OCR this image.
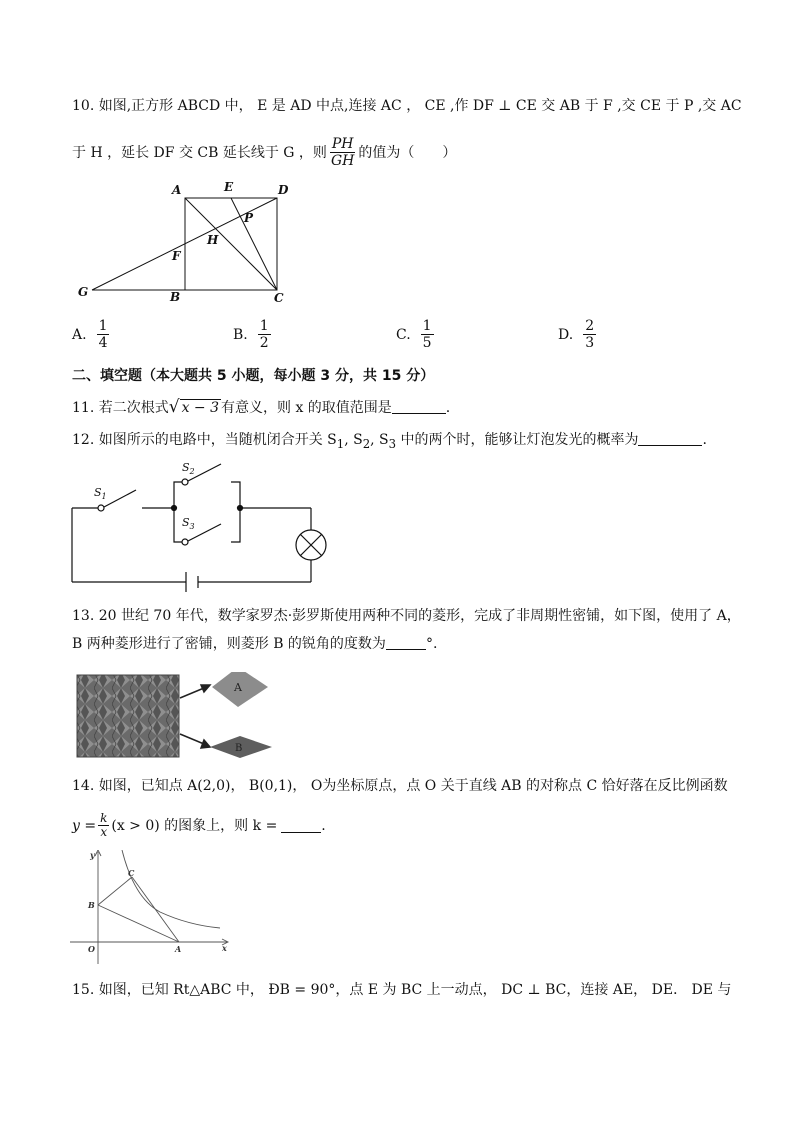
10. 如图,正方形 ABCD 中， E 是 AD 中点,连接 AC ， CE ,作 DF ⊥ CE 交 AB 于 F ,交 CE 于 P ,交 AC
于 H ，延长 DF 交 CB 延长线于 G ，则 $\frac{PH}{GH}$ 的值为（　　）
A	E	D
P
H
F
G	B	C
A. $\frac{1}{4}$	B. $\frac{1}{2}$	C. $\frac{1}{5}$	D. $\frac{2}{3}$
二、填空题（本大题共 5 小题，每小题 3 分，共 15 分）
11. 若二次根式√ x − 3 有意义，则 x 的取值范围是	.
12. 如图所示的电路中，当随机闭合开关 $S_1$, $S_2$, $S_3$ 中的两个时，能够让灯泡发光的概率为	.
$S_1$
$S_2$
$S_3$
13. 20 世纪 70 年代，数学家罗杰·彭罗斯使用两种不同的菱形，完成了非周期性密铺，如下图，使用了 A，
B 两种菱形进行了密铺，则菱形 B 的锐角的度数为	°.
A
B
14. 如图，已知点 A(2,0)， B(0,1)， O为坐标原点，点 O 关于直线 AB 的对称点 C 恰好落在反比例函数
$y = \frac{k}{x} (x > 0)$ 的图象上，则 k =	.
y
x
O	A
B
C
15. 如图，已知 Rt△ABC 中， ÐB = 90°，点 E 为 BC 上一动点， DC ⊥ BC，连接 AE， DE． DE 与
